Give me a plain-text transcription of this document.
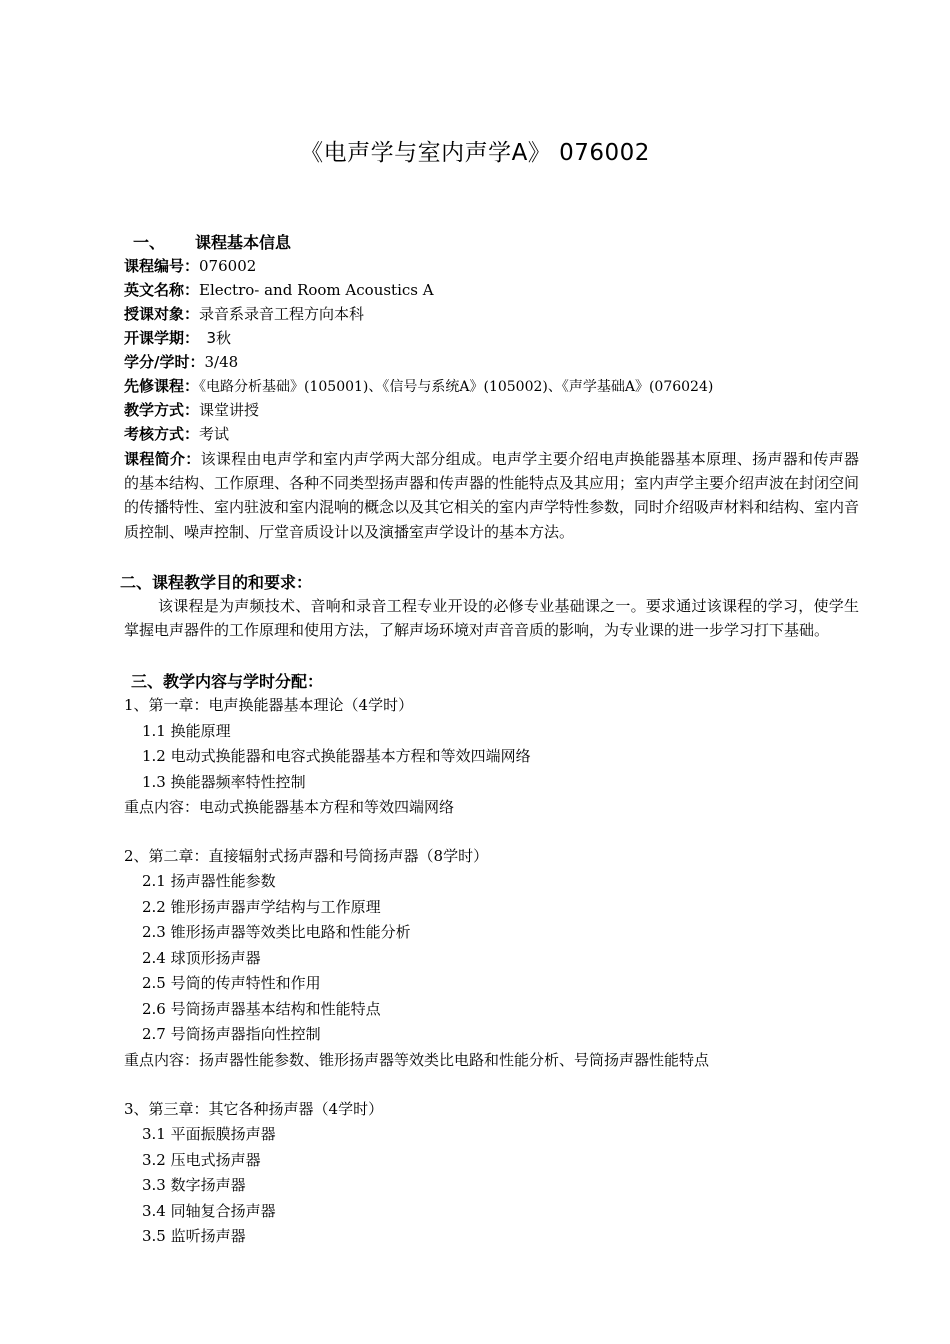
《电声学与室内声学A》 076002
一、 课程基本信息
课程编号：076002
英文名称：Electro- and Room Acoustics A
授课对象：录音系录音工程方向本科
开课学期：　3秋
学分/学时：3/48
先修课程：《电路分析基础》(105001)、《信号与系统A》(105002)、《声学基础A》(076024)
教学方式：课堂讲授
考核方式：考试
课程简介：该课程由电声学和室内声学两大部分组成。电声学主要介绍电声换能器基本原理、扬声器和传声器的基本结构、工作原理、各种不同类型扬声器和传声器的性能特点及其应用；室内声学主要介绍声波在封闭空间的传播特性、室内驻波和室内混响的概念以及其它相关的室内声学特性参数，同时介绍吸声材料和结构、室内音质控制、噪声控制、厅堂音质设计以及演播室声学设计的基本方法。
二、课程教学目的和要求：
该课程是为声频技术、音响和录音工程专业开设的必修专业基础课之一。要求通过该课程的学习，使学生掌握电声器件的工作原理和使用方法，了解声场环境对声音音质的影响，为专业课的进一步学习打下基础。
三、教学内容与学时分配：
1、第一章：电声换能器基本理论（4学时）
1.1 换能原理
1.2 电动式换能器和电容式换能器基本方程和等效四端网络
1.3 换能器频率特性控制
重点内容：电动式换能器基本方程和等效四端网络
2、第二章：直接辐射式扬声器和号筒扬声器（8学时）
2.1 扬声器性能参数
2.2 锥形扬声器声学结构与工作原理
2.3 锥形扬声器等效类比电路和性能分析
2.4 球顶形扬声器
2.5 号筒的传声特性和作用
2.6 号筒扬声器基本结构和性能特点
2.7 号筒扬声器指向性控制
重点内容：扬声器性能参数、锥形扬声器等效类比电路和性能分析、号筒扬声器性能特点
3、第三章：其它各种扬声器（4学时）
3.1 平面振膜扬声器
3.2 压电式扬声器
3.3 数字扬声器
3.4 同轴复合扬声器
3.5 监听扬声器
